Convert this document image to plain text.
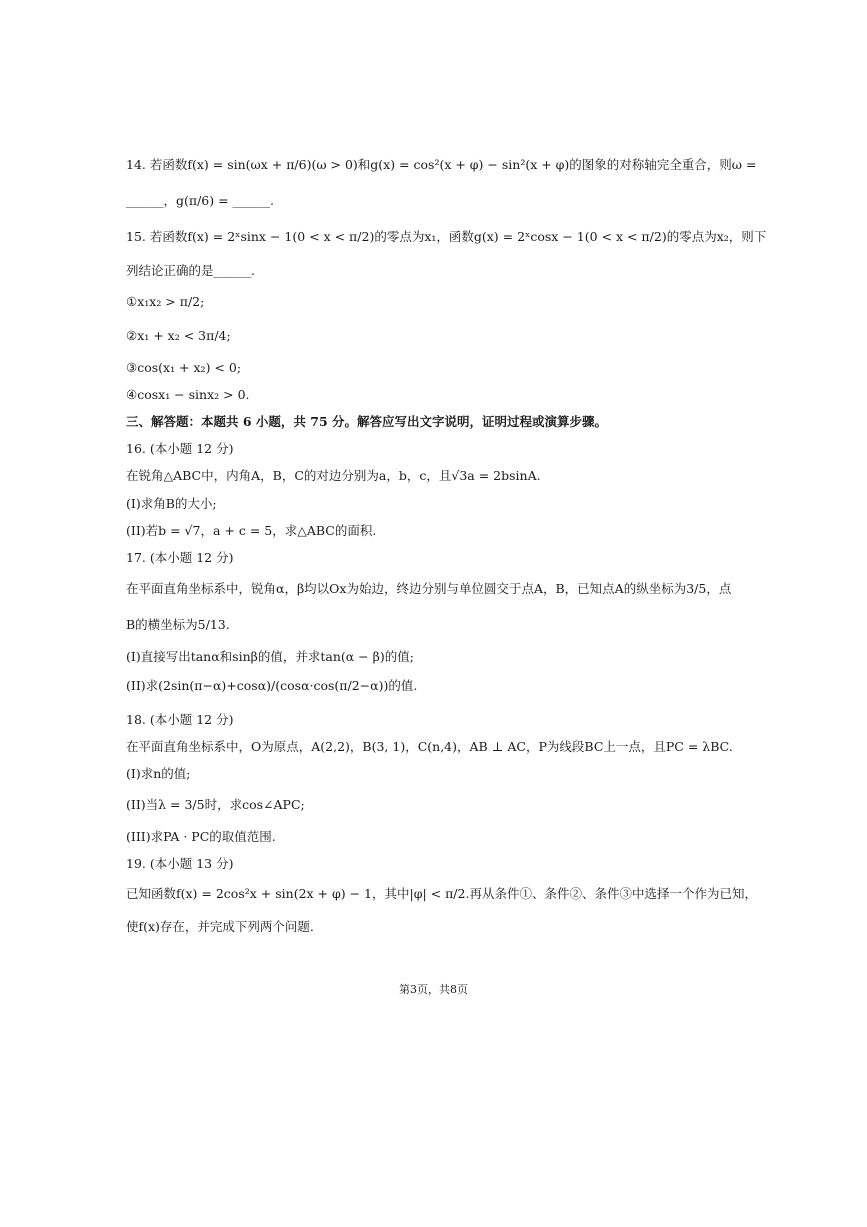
14. 若函数f(x) = sin(ωx + π/6)(ω > 0)和g(x) = cos²(x + φ) − sin²(x + φ)的图象的对称轴完全重合，则ω =
______，g(π/6) = ______.
15. 若函数f(x) = 2ˣsinx − 1(0 < x < π/2)的零点为x₁，函数g(x) = 2ˣcosx − 1(0 < x < π/2)的零点为x₂，则下
列结论正确的是______.
①x₁x₂ > π/2;
②x₁ + x₂ < 3π/4;
③cos(x₁ + x₂) < 0;
④cosx₁ − sinx₂ > 0.
三、解答题：本题共 6 小题，共 75 分。解答应写出文字说明，证明过程或演算步骤。
16. (本小题 12 分)
在锐角△ABC中，内角A，B，C的对边分别为a，b，c，且√3a = 2bsinA.
(I)求角B的大小;
(II)若b = √7，a + c = 5，求△ABC的面积.
17. (本小题 12 分)
在平面直角坐标系中，锐角α，β均以Ox为始边，终边分别与单位圆交于点A，B，已知点A的纵坐标为3/5，点
B的横坐标为5/13.
(I)直接写出tanα和sinβ的值，并求tan(α − β)的值;
(II)求(2sin(π−α)+cosα)/(cosα·cos(π/2−α))的值.
18. (本小题 12 分)
在平面直角坐标系中，O为原点，A(2,2)，B(3, 1)，C(n,4)，AB ⊥ AC，P为线段BC上一点，且PC = λBC.
(I)求n的值;
(II)当λ = 3/5时，求cos∠APC;
(III)求PA · PC的取值范围.
19. (本小题 13 分)
已知函数f(x) = 2cos²x + sin(2x + φ) − 1，其中|φ| < π/2.再从条件①、条件②、条件③中选择一个作为已知，
使f(x)存在，并完成下列两个问题.
第3页，共8页
